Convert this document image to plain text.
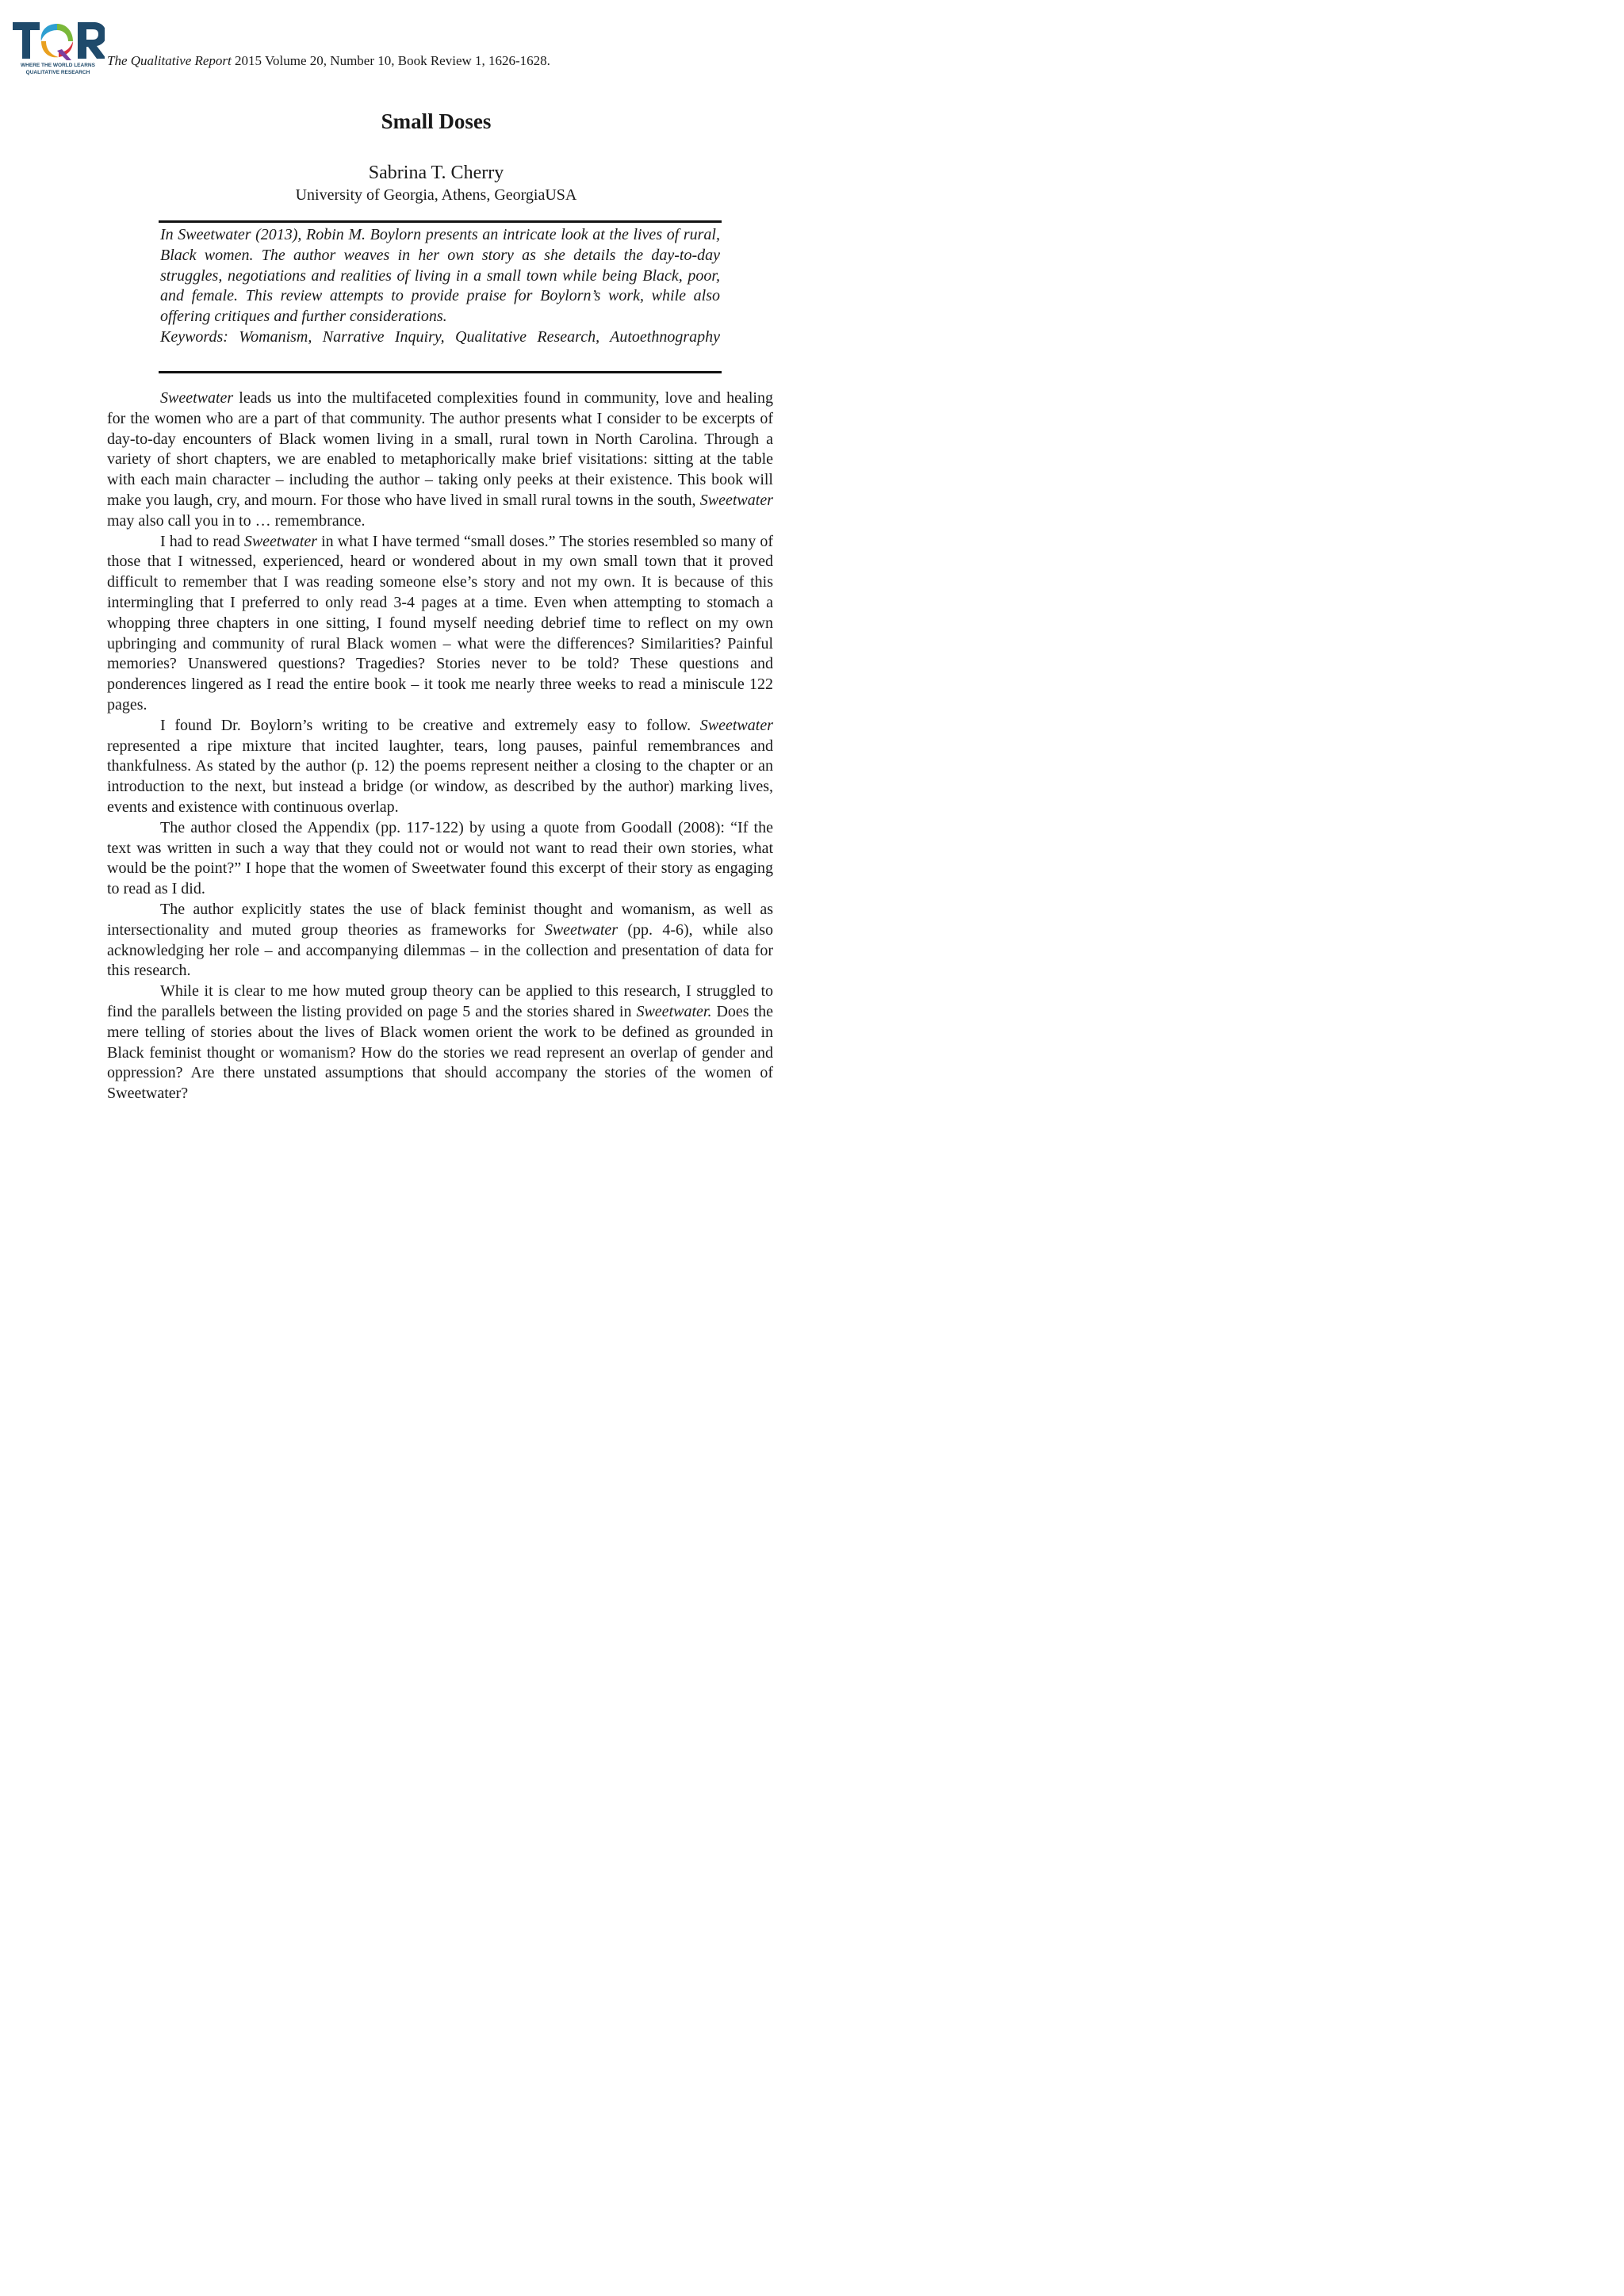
WHERE THE WORLD LEARNS
QUALITATIVE RESEARCH
The Qualitative Report 2015 Volume 20, Number 10, Book Review 1, 1626-1628.
Small Doses
Sabrina T. Cherry
University of Georgia, Athens, GeorgiaUSA
In Sweetwater (2013), Robin M. Boylorn presents an intricate look at the lives of rural, Black women. The author weaves in her own story as she details the day-to-day struggles, negotiations and realities of living in a small town while being Black, poor, and female. This review attempts to provide praise for Boylorn’s work, while also offering critiques and further considerations.
Keywords: Womanism, Narrative Inquiry, Qualitative Research, Autoethnography

Sweetwater leads us into the multifaceted complexities found in community, love and healing for the women who are a part of that community. The author presents what I consider to be excerpts of day-to-day encounters of Black women living in a small, rural town in North Carolina. Through a variety of short chapters, we are enabled to metaphorically make brief visitations: sitting at the table with each main character – including the author – taking only peeks at their existence. This book will make you laugh, cry, and mourn. For those who have lived in small rural towns in the south, Sweetwater may also call you in to … remembrance.

I had to read Sweetwater in what I have termed “small doses.” The stories resembled so many of those that I witnessed, experienced, heard or wondered about in my own small town that it proved difficult to remember that I was reading someone else’s story and not my own. It is because of this intermingling that I preferred to only read 3-4 pages at a time. Even when attempting to stomach a whopping three chapters in one sitting, I found myself needing debrief time to reflect on my own upbringing and community of rural Black women – what were the differences? Similarities? Painful memories? Unanswered questions? Tragedies? Stories never to be told? These questions and ponderences lingered as I read the entire book – it took me nearly three weeks to read a miniscule 122 pages.

I found Dr. Boylorn’s writing to be creative and extremely easy to follow. Sweetwater represented a ripe mixture that incited laughter, tears, long pauses, painful remembrances and thankfulness. As stated by the author (p. 12) the poems represent neither a closing to the chapter or an introduction to the next, but instead a bridge (or window, as described by the author) marking lives, events and existence with continuous overlap.

The author closed the Appendix (pp. 117-122) by using a quote from Goodall (2008): “If the text was written in such a way that they could not or would not want to read their own stories, what would be the point?” I hope that the women of Sweetwater found this excerpt of their story as engaging to read as I did.

The author explicitly states the use of black feminist thought and womanism, as well as intersectionality and muted group theories as frameworks for Sweetwater (pp. 4-6), while also acknowledging her role – and accompanying dilemmas – in the collection and presentation of data for this research.

While it is clear to me how muted group theory can be applied to this research, I struggled to find the parallels between the listing provided on page 5 and the stories shared in Sweetwater. Does the mere telling of stories about the lives of Black women orient the work to be defined as grounded in Black feminist thought or womanism? How do the stories we read represent an overlap of gender and oppression? Are there unstated assumptions that should accompany the stories of the women of Sweetwater?
